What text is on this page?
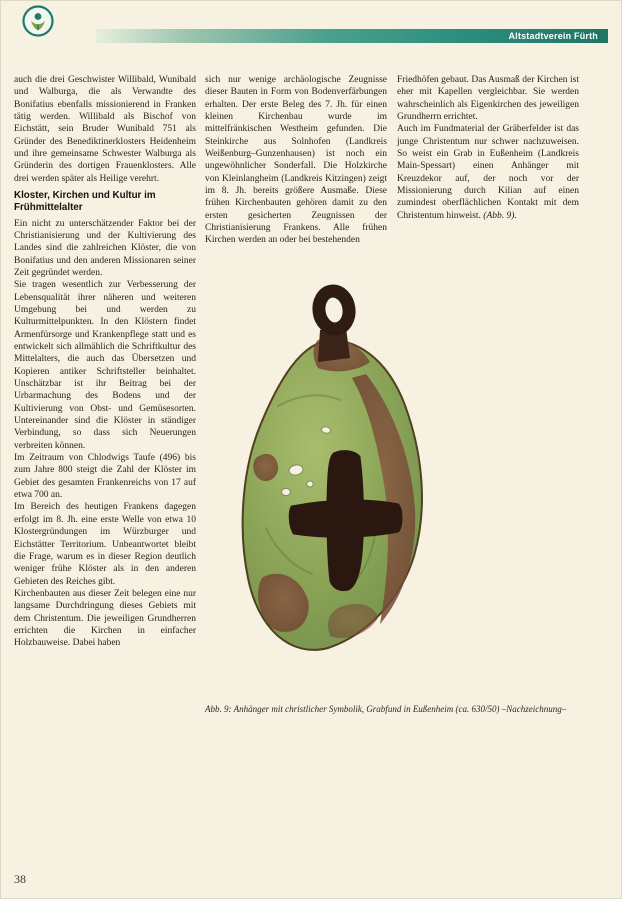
Altstadtverein Fürth

auch die drei Geschwister Willibald, Wunibald und Walburga, die als Verwandte des Bonifatius ebenfalls missionierend in Franken tätig werden. Willibald als Bischof von Eichstätt, sein Bruder Wunibald 751 als Gründer des Benediktinerklosters Heidenheim und ihre gemeinsame Schwester Walburga als Gründerin des dortigen Frauenklosters. Alle drei werden später als Heilige verehrt.

Kloster, Kirchen und Kultur im Frühmittelalter

Ein nicht zu unterschätzender Faktor bei der Christianisierung und der Kultivierung des Landes sind die zahlreichen Klöster, die von Bonifatius und den anderen Missionaren seiner Zeit gegründet werden.

Sie tragen wesentlich zur Verbesserung der Lebensqualität ihrer näheren und weiteren Umgebung bei und werden zu Kulturmittelpunkten. In den Klöstern findet Armenfürsorge und Krankenpflege statt und es entwickelt sich allmählich die Schriftkultur des Mittelalters, die auch das Übersetzen und Kopieren antiker Schriftsteller beinhaltet. Unschätzbar ist ihr Beitrag bei der Urbarmachung des Bodens und der Kultivierung von Obst- und Gemüsesorten. Untereinander sind die Klöster in ständiger Verbindung, so dass sich Neuerungen verbreiten können.

Im Zeitraum von Chlodwigs Taufe (496) bis zum Jahre 800 steigt die Zahl der Klöster im Gebiet des gesamten Frankenreichs von 17 auf etwa 700 an.

Im Bereich des heutigen Frankens dagegen erfolgt im 8. Jh. eine erste Welle von etwa 10 Klostergründungen im Würzburger und Eichstätter Territorium. Unbeantwortet bleibt die Frage, warum es in dieser Region deutlich weniger frühe Klöster als in den anderen Gebieten des Reiches gibt.

Kirchenbauten aus dieser Zeit belegen eine nur langsame Durchdringung dieses Gebiets mit dem Christentum. Die jeweiligen Grundherren errichten die Kirchen in einfacher Holzbauweise. Dabei haben

sich nur wenige archäologische Zeugnisse dieser Bauten in Form von Bodenverfärbungen erhalten. Der erste Beleg des 7. Jh. für einen kleinen Kirchenbau wurde im mittelfränkischen Westheim gefunden. Die Steinkirche aus Solnhofen (Landkreis Weißenburg–Gunzenhausen) ist noch ein ungewöhnlicher Sonderfall. Die Holzkirche von Kleinlangheim (Landkreis Kitzingen) zeigt im 8. Jh. bereits größere Ausmaße. Diese frühen Kirchenbauten gehören damit zu den ersten gesicherten Zeugnissen der Christianisierung Frankens. Alle frühen Kirchen werden an oder bei bestehenden

Friedhöfen gebaut. Das Ausmaß der Kirchen ist eher mit Kapellen vergleichbar. Sie werden wahrscheinlich als Eigenkirchen des jeweiligen Grundherrn errichtet.

Auch im Fundmaterial der Gräberfelder ist das junge Christentum nur schwer nachzuweisen. So weist ein Grab in Eußenheim (Landkreis Main-Spessart) einen Anhänger mit Kreuzdekor auf, der noch vor der Missionierung durch Kilian auf einen zumindest oberflächlichen Kontakt mit dem Christentum hinweist. (Abb. 9).

Abb. 9: Anhänger mit christlicher Symbolik, Grabfund in Eußenheim (ca. 630/50) –Nachzeichnung–
38
